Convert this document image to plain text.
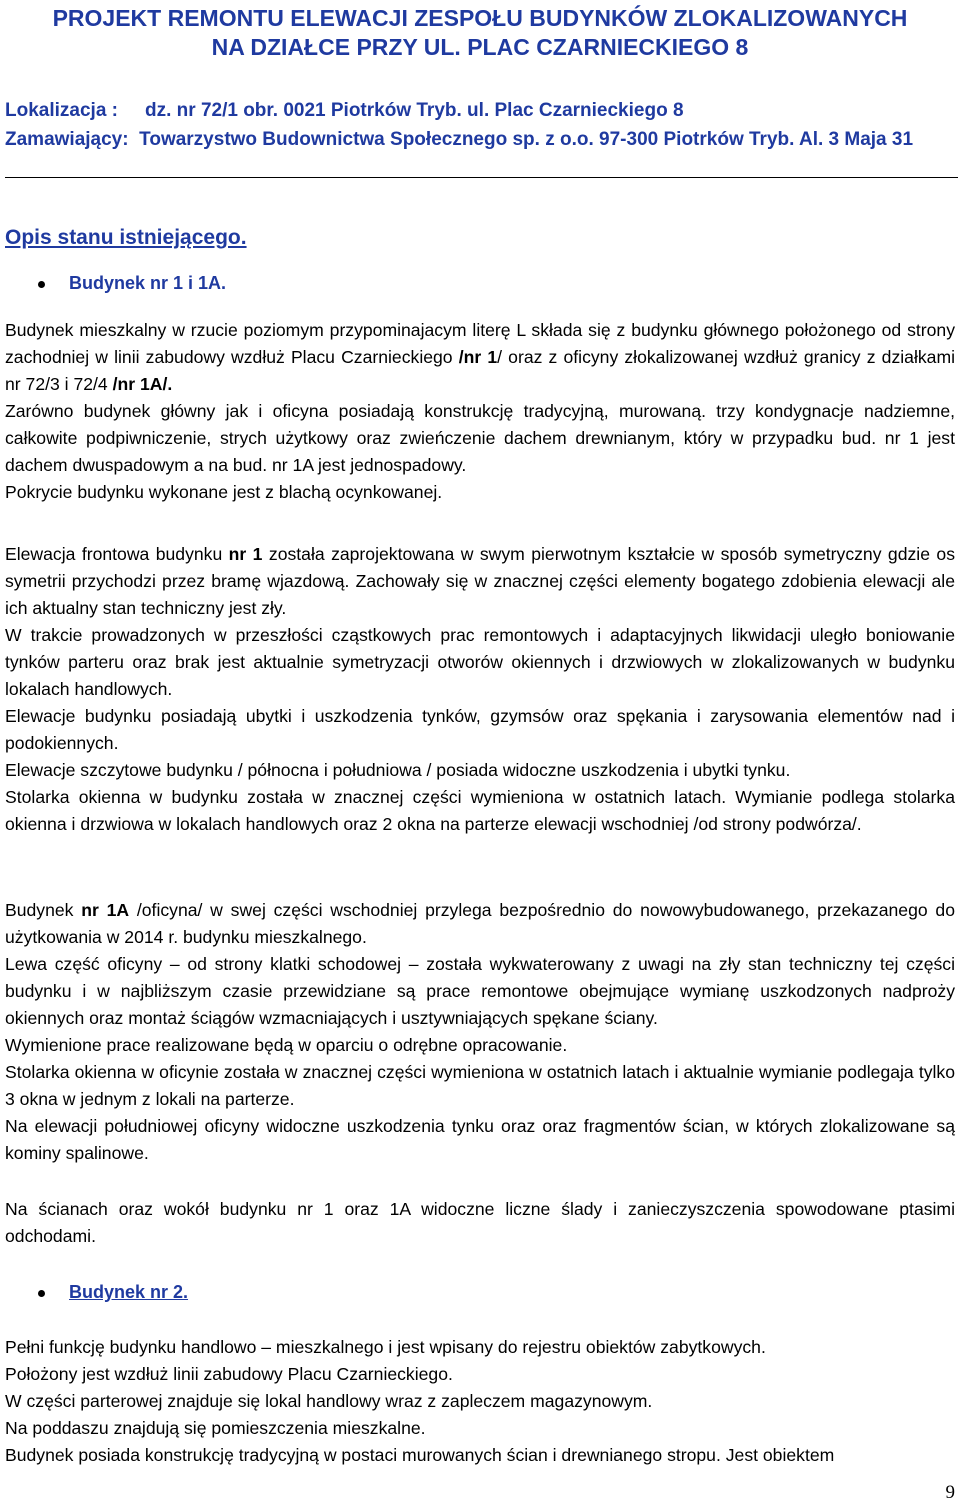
PROJEKT REMONTU ELEWACJI ZESPOŁU BUDYNKÓW ZLOKALIZOWANYCH
NA DZIAŁCE PRZY UL. PLAC CZARNIECKIEGO 8
Lokalizacja : dz. nr 72/1 obr. 0021 Piotrków Tryb. ul. Plac Czarnieckiego 8
Zamawiający: Towarzystwo Budownictwa Społecznego sp. z o.o. 97-300 Piotrków Tryb. Al. 3 Maja 31
Opis stanu istniejącego.
Budynek nr 1 i 1A.

Budynek mieszkalny w rzucie poziomym przypominajacym literę L składa się z budynku głównego położonego od strony zachodniej w linii zabudowy wzdłuż Placu Czarnieckiego /nr 1/ oraz z oficyny złokalizowanej wzdłuż granicy z działkami nr 72/3 i 72/4 /nr 1A/.

Zarówno budynek główny jak i oficyna posiadają konstrukcję tradycyjną, murowaną. trzy kondygnacje nadziemne, całkowite podpiwniczenie, strych użytkowy oraz zwieńczenie dachem drewnianym, który w przypadku bud. nr 1 jest dachem dwuspadowym a na bud. nr 1A jest jednospadowy.

Pokrycie budynku wykonane jest z blachą ocynkowanej.

Elewacja frontowa budynku nr 1 została zaprojektowana w swym pierwotnym kształcie w sposób symetryczny gdzie os symetrii przychodzi przez bramę wjazdową. Zachowały się w znacznej części elementy bogatego zdobienia elewacji ale ich aktualny stan techniczny jest zły.

W trakcie prowadzonych w przeszłości cząstkowych prac remontowych i adaptacyjnych likwidacji uległo boniowanie tynków parteru oraz brak jest aktualnie symetryzacji otworów okiennych i drzwiowych w zlokalizowanych w budynku lokalach handlowych.

Elewacje budynku posiadają ubytki i uszkodzenia tynków, gzymsów oraz spękania i zarysowania elementów nad i podokiennych.

Elewacje szczytowe budynku / północna i południowa / posiada widoczne uszkodzenia i ubytki tynku.

Stolarka okienna w budynku została w znacznej części wymieniona w ostatnich latach. Wymianie podlega stolarka okienna i drzwiowa w lokalach handlowych oraz 2 okna na parterze elewacji wschodniej /od strony podwórza/.

Budynek nr 1A /oficyna/ w swej części wschodniej przylega bezpośrednio do nowowybudowanego, przekazanego do użytkowania w 2014 r. budynku mieszkalnego.

Lewa część oficyny – od strony klatki schodowej – została wykwaterowany z uwagi na zły stan techniczny tej części budynku i w najbliższym czasie przewidziane są prace remontowe obejmujące wymianę uszkodzonych nadproży okiennych oraz montaż ściągów wzmacniających i usztywniających spękane ściany.

Wymienione prace realizowane będą w oparciu o odrębne opracowanie.

Stolarka okienna w oficynie została w znacznej części wymieniona w ostatnich latach i aktualnie wymianie podlegaja tylko 3 okna w jednym z lokali na parterze.

Na elewacji południowej oficyny widoczne uszkodzenia tynku oraz oraz fragmentów ścian, w których zlokalizowane są kominy spalinowe.

Na ścianach oraz wokół budynku nr 1 oraz 1A widoczne liczne ślady i zanieczyszczenia spowodowane ptasimi odchodami.
Budynek nr 2.

Pełni funkcję budynku handlowo – mieszkalnego i jest wpisany do rejestru obiektów zabytkowych.

Położony jest wzdłuż linii zabudowy Placu Czarnieckiego.

W części parterowej znajduje się lokal handlowy wraz z zapleczem magazynowym.

Na poddaszu znajdują się pomieszczenia mieszkalne.

Budynek posiada konstrukcję tradycyjną w postaci murowanych ścian i drewnianego stropu. Jest obiektem

9
